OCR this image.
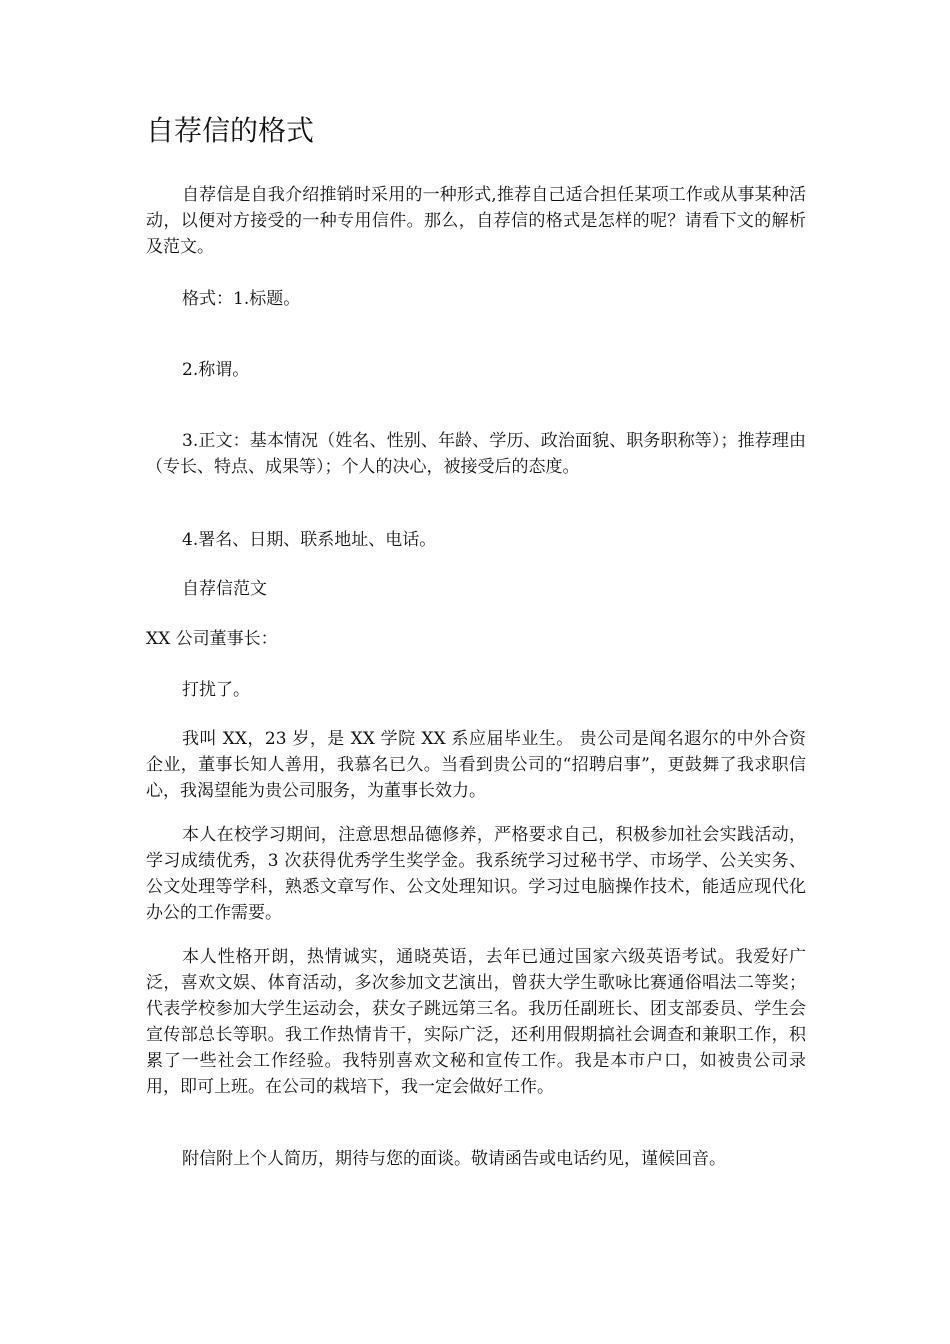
自荐信的格式

自荐信是自我介绍推销时采用的一种形式,推荐自己适合担任某项工作或从事某种活动，以便对方接受的一种专用信件。那么，自荐信的格式是怎样的呢？请看下文的解析及范文。

格式：1.标题。

2.称谓。

3.正文：基本情况（姓名、性别、年龄、学历、政治面貌、职务职称等）；推荐理由（专长、特点、成果等）；个人的决心，被接受后的态度。

4.署名、日期、联系地址、电话。

自荐信范文

XX 公司董事长：

打扰了。

我叫 XX，23 岁，是 XX 学院 XX 系应届毕业生。 贵公司是闻名遐尔的中外合资企业，董事长知人善用，我慕名已久。当看到贵公司的“招聘启事”，更鼓舞了我求职信心，我渴望能为贵公司服务，为董事长效力。

本人在校学习期间，注意思想品德修养，严格要求自己，积极参加社会实践活动，学习成绩优秀，3 次获得优秀学生奖学金。我系统学习过秘书学、市场学、公关实务、公文处理等学科，熟悉文章写作、公文处理知识。学习过电脑操作技术，能适应现代化办公的工作需要。

本人性格开朗，热情诚实，通晓英语，去年已通过国家六级英语考试。我爱好广泛，喜欢文娱、体育活动，多次参加文艺演出，曾获大学生歌咏比赛通俗唱法二等奖；代表学校参加大学生运动会，获女子跳远第三名。我历任副班长、团支部委员、学生会宣传部总长等职。我工作热情肯干，实际广泛，还利用假期搞社会调查和兼职工作，积累了一些社会工作经验。我特别喜欢文秘和宣传工作。我是本市户口，如被贵公司录用，即可上班。在公司的栽培下，我一定会做好工作。

附信附上个人简历，期待与您的面谈。敬请函告或电话约见，谨候回音。
